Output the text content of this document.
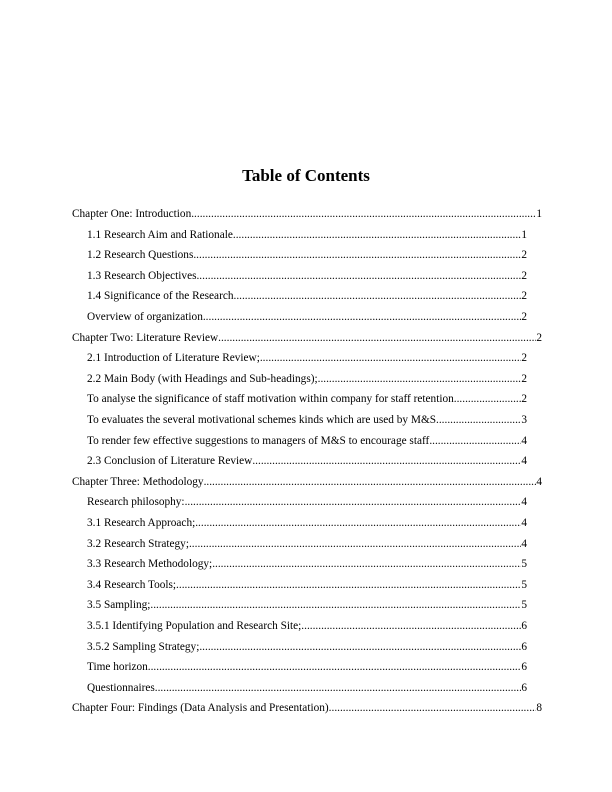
Table of Contents
Chapter One: Introduction .....	1
1.1 Research Aim and Rationale .....	1
1.2 Research Questions .....	2
1.3 Research Objectives .....	2
1.4 Significance of the Research .....	2
Overview of organization .....	2
Chapter Two: Literature Review .....	2
2.1 Introduction of Literature Review; .....	2
2.2 Main Body (with Headings and Sub-headings); .....	2
To analyse the significance of staff motivation within company for staff retention .....	2
To evaluates the several motivational schemes kinds which are used by M&S .....	3
To render few effective suggestions to managers of M&S to encourage staff .....	4
2.3 Conclusion of Literature Review .....	4
Chapter Three: Methodology .....	4
Research philosophy: .....	4
3.1 Research Approach; .....	4
3.2 Research Strategy; .....	4
3.3 Research Methodology; .....	5
3.4 Research Tools; .....	5
3.5 Sampling; .....	5
3.5.1 Identifying Population and Research Site; .....	6
3.5.2 Sampling Strategy; .....	6
Time horizon .....	6
Questionnaires .....	6
Chapter Four: Findings (Data Analysis and Presentation) .....	8
